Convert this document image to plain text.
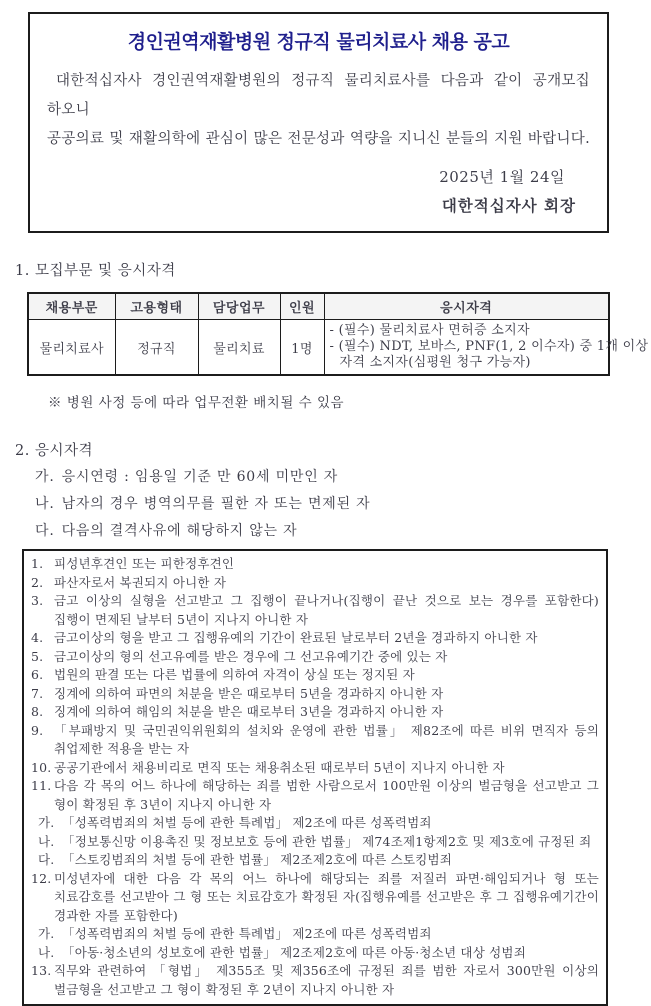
경인권역재활병원 정규직 물리치료사 채용 공고
대한적십자사 경인권역재활병원의 정규직 물리치료사를 다음과 같이 공개모집 하오니
공공의료 및 재활의학에 관심이 많은 전문성과 역량을 지니신 분들의 지원 바랍니다.
2025년 1월 24일
대한적십자사 회장
1. 모집부문 및 응시자격
채용부문	고용형태	담당업무	인원	응시자격
물리치료사	정규직	물리치료	1명	- (필수) 물리치료사 면허증 소지자
- (필수) NDT, 보바스, PNF(1, 2 이수자) 중 1개 이상
자격 소지자(심평원 청구 가능자)
※ 병원 사정 등에 따라 업무전환 배치될 수 있음
2. 응시자격
가. 응시연령 : 임용일 기준 만 60세 미만인 자
나. 남자의 경우 병역의무를 필한 자 또는 면제된 자
다. 다음의 결격사유에 해당하지 않는 자
1. 피성년후견인 또는 피한정후견인
2. 파산자로서 복권되지 아니한 자
3. 금고 이상의 실형을 선고받고 그 집행이 끝나거나(집행이 끝난 것으로 보는 경우를 포함한다) 집행이 면제된 날부터 5년이 지나지 아니한 자
4. 금고이상의 형을 받고 그 집행유예의 기간이 완료된 날로부터 2년을 경과하지 아니한 자
5. 금고이상의 형의 선고유예를 받은 경우에 그 선고유예기간 중에 있는 자
6. 법원의 판결 또는 다른 법률에 의하여 자격이 상실 또는 정지된 자
7. 징계에 의하여 파면의 처분을 받은 때로부터 5년을 경과하지 아니한 자
8. 징계에 의하여 해임의 처분을 받은 때로부터 3년을 경과하지 아니한 자
9. 「부패방지 및 국민권익위원회의 설치와 운영에 관한 법률」 제82조에 따른 비위 면직자 등의 취업제한 적용을 받는 자
10. 공공기관에서 채용비리로 면직 또는 채용취소된 때로부터 5년이 지나지 아니한 자
11. 다음 각 목의 어느 하나에 해당하는 죄를 범한 사람으로서 100만원 이상의 벌금형을 선고받고 그 형이 확정된 후 3년이 지나지 아니한 자
가. 「성폭력범죄의 처벌 등에 관한 특례법」 제2조에 따른 성폭력범죄
나. 「정보통신망 이용촉진 및 정보보호 등에 관한 법률」 제74조제1항제2호 및 제3호에 규정된 죄
다. 「스토킹범죄의 처벌 등에 관한 법률」 제2조제2호에 따른 스토킹범죄
12. 미성년자에 대한 다음 각 목의 어느 하나에 해당되는 죄를 저질러 파면·해임되거나 형 또는 치료감호를 선고받아 그 형 또는 치료감호가 확정된 자(집행유예를 선고받은 후 그 집행유예기간이 경과한 자를 포함한다)
가. 「성폭력범죄의 처벌 등에 관한 특례법」 제2조에 따른 성폭력범죄
나. 「아동·청소년의 성보호에 관한 법률」 제2조제2호에 따른 아동·청소년 대상 성범죄
13. 직무와 관련하여 「형법」 제355조 및 제356조에 규정된 죄를 범한 자로서 300만원 이상의 벌금형을 선고받고 그 형이 확정된 후 2년이 지나지 아니한 자
